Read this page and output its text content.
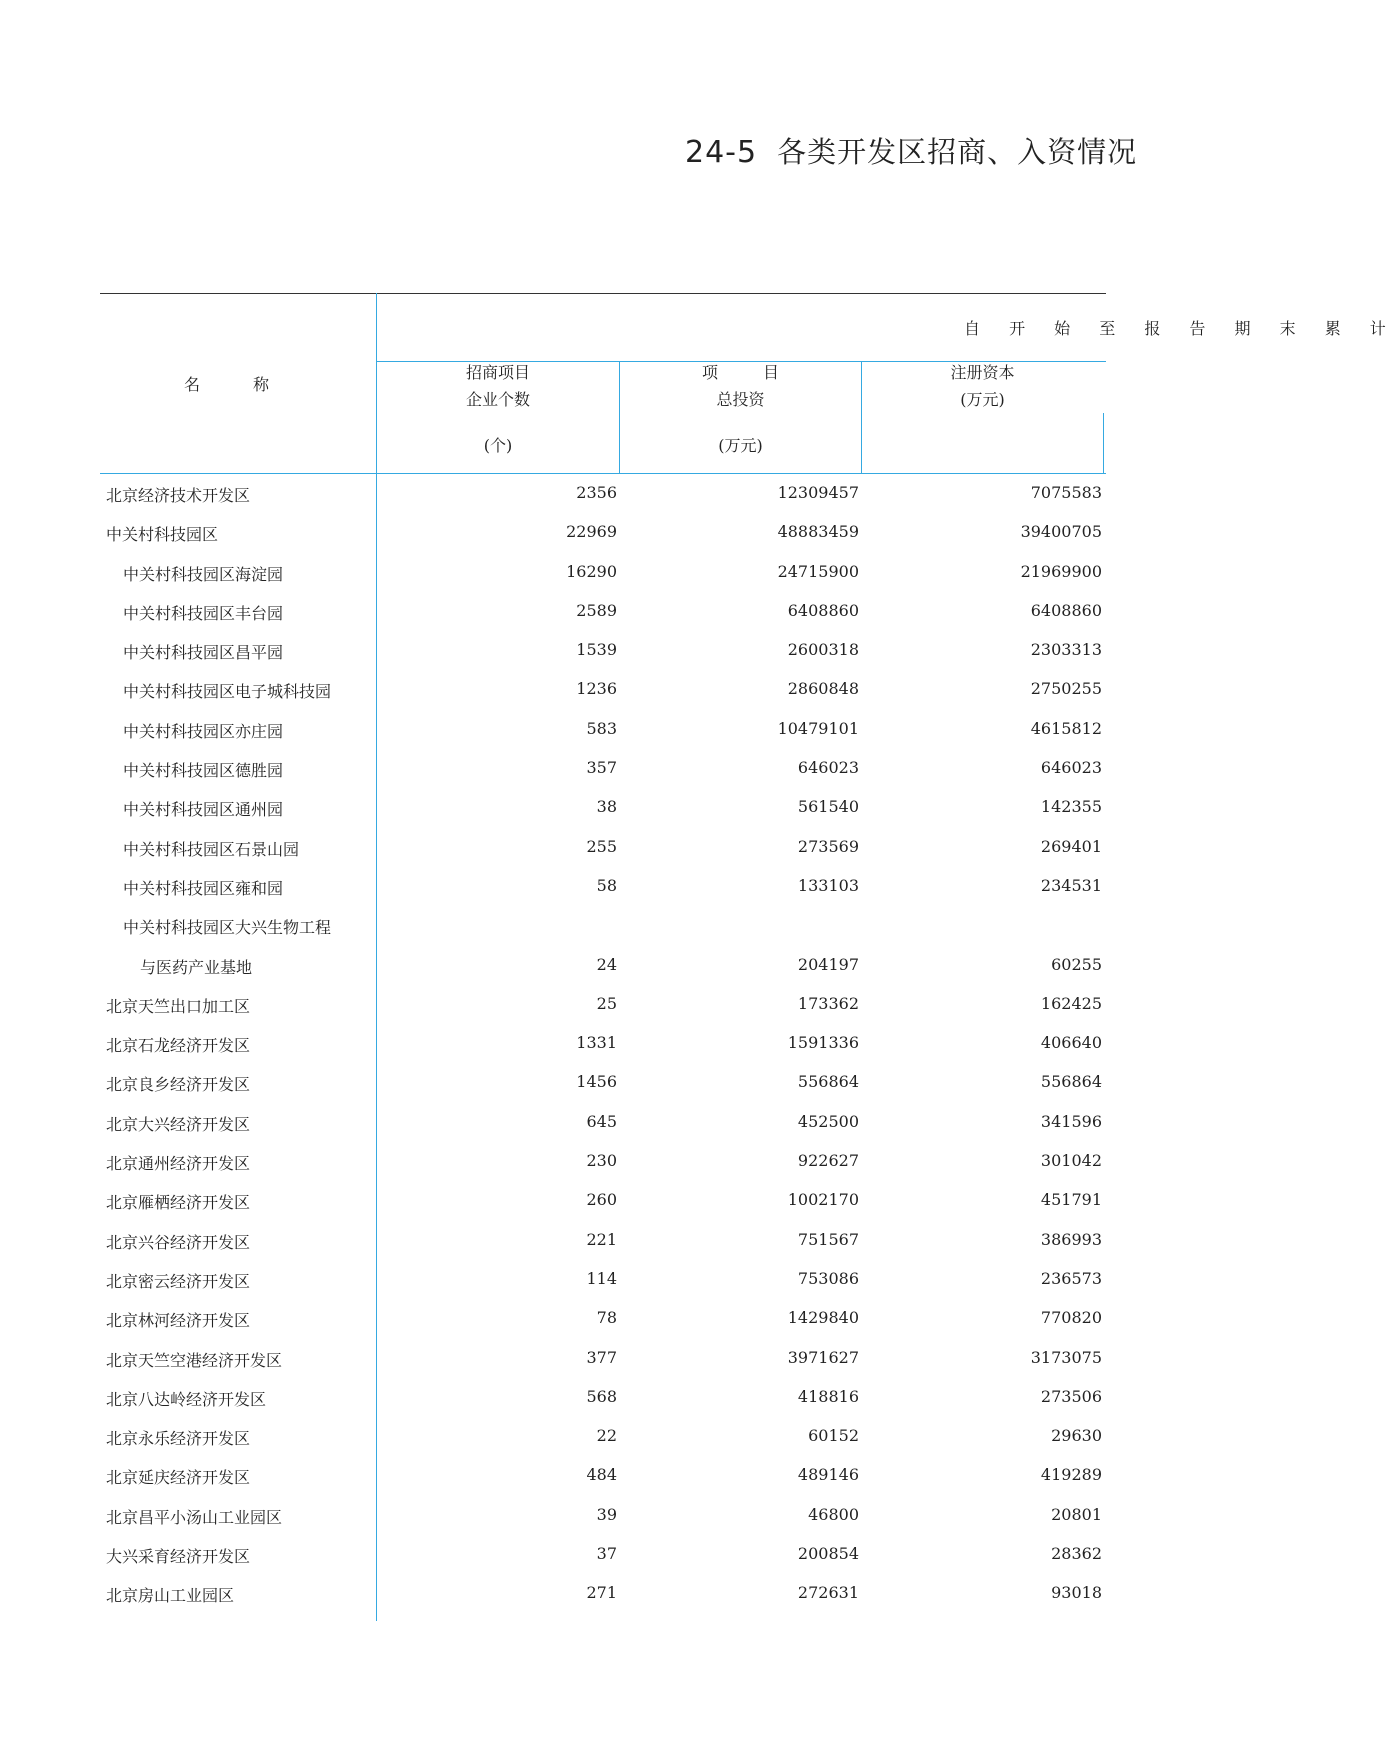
24-5 各类开发区招商、入资情况
名 称
自 开 始 至 报 告 期 末 累 计
招商项目
企业个数
(个)
项 目
总投资
(万元)
注册资本
(万元)
北京经济技术开发区	2356	12309457	7075583
中关村科技园区	22969	48883459	39400705
中关村科技园区海淀园	16290	24715900	21969900
中关村科技园区丰台园	2589	6408860	6408860
中关村科技园区昌平园	1539	2600318	2303313
中关村科技园区电子城科技园	1236	2860848	2750255
中关村科技园区亦庄园	583	10479101	4615812
中关村科技园区德胜园	357	646023	646023
中关村科技园区通州园	38	561540	142355
中关村科技园区石景山园	255	273569	269401
中关村科技园区雍和园	58	133103	234531
中关村科技园区大兴生物工程
与医药产业基地	24	204197	60255
北京天竺出口加工区	25	173362	162425
北京石龙经济开发区	1331	1591336	406640
北京良乡经济开发区	1456	556864	556864
北京大兴经济开发区	645	452500	341596
北京通州经济开发区	230	922627	301042
北京雁栖经济开发区	260	1002170	451791
北京兴谷经济开发区	221	751567	386993
北京密云经济开发区	114	753086	236573
北京林河经济开发区	78	1429840	770820
北京天竺空港经济开发区	377	3971627	3173075
北京八达岭经济开发区	568	418816	273506
北京永乐经济开发区	22	60152	29630
北京延庆经济开发区	484	489146	419289
北京昌平小汤山工业园区	39	46800	20801
大兴采育经济开发区	37	200854	28362
北京房山工业园区	271	272631	93018
